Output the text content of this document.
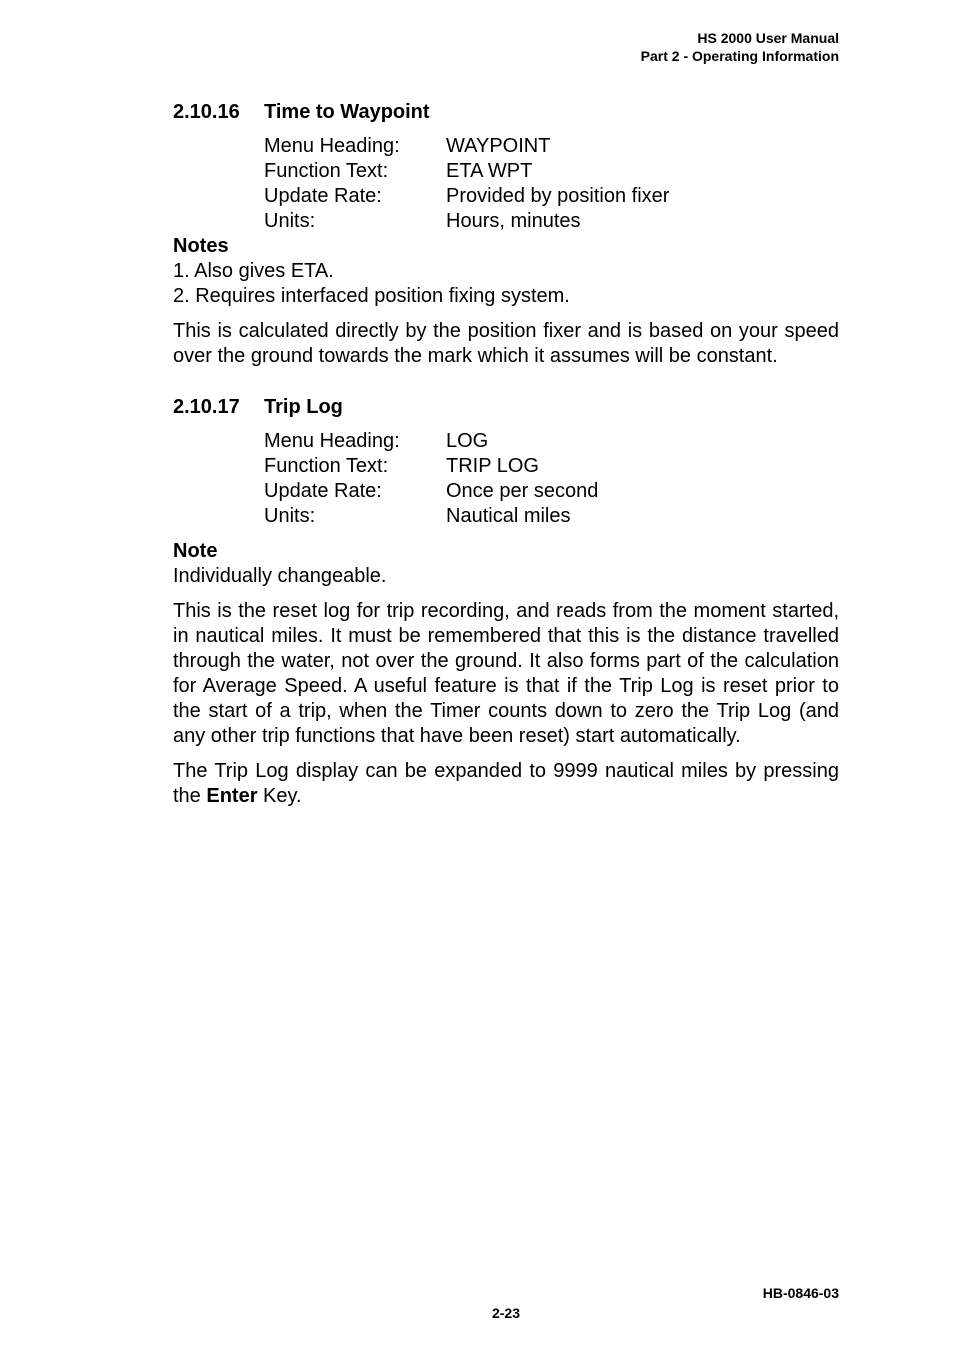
HS 2000 User Manual
Part 2 - Operating Information
2.10.16	Time to Waypoint
Menu Heading:	WAYPOINT
Function Text:	ETA WPT
Update Rate:	Provided by position fixer
Units:	Hours, minutes

Notes

1. Also gives ETA.

2. Requires interfaced position fixing system.

This is calculated directly by the position fixer and is based on your speed over the ground towards the mark which it assumes will be constant.

2.10.17	Trip Log
Menu Heading:	LOG
Function Text:	TRIP LOG
Update Rate:	Once per second
Units:	Nautical miles

Note

Individually changeable.

This is the reset log for trip recording, and reads from the moment started, in nautical miles. It must be remembered that this is the distance travelled through the water, not over the ground. It also forms part of the calculation for Average Speed. A useful feature is that if the Trip Log is reset prior to the start of a trip, when the Timer counts down to zero the Trip Log (and any other trip functions that have been reset) start automatically.

The Trip Log display can be expanded to 9999 nautical miles by pressing the Enter Key.

HB-0846-03
2-23
